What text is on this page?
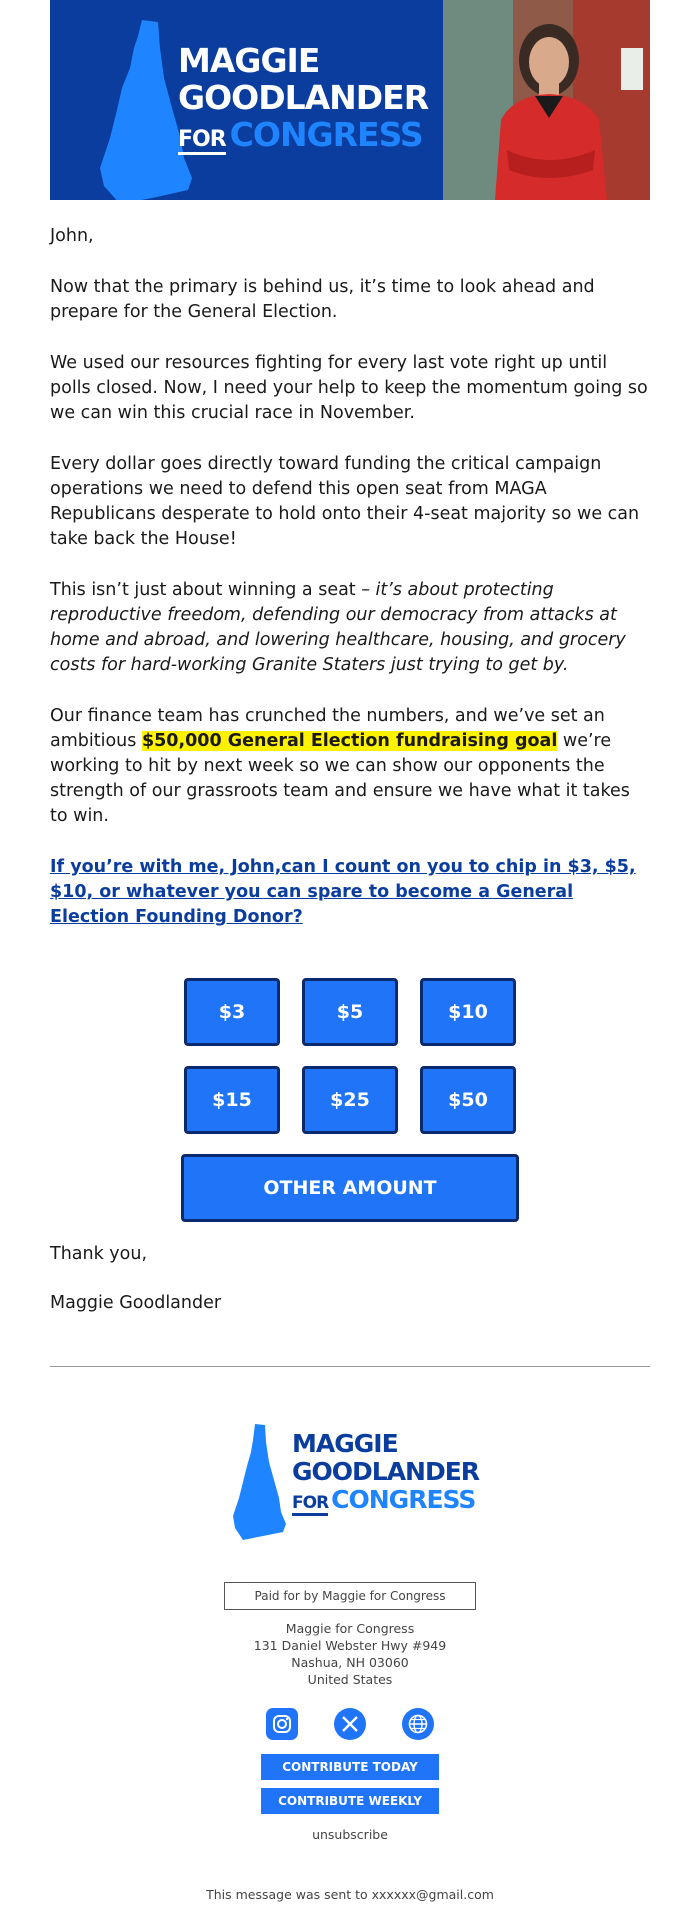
MAGGIE
GOODLANDER
FOR CONGRESS

John,

Now that the primary is behind us, it’s time to look ahead and prepare for the General Election.

We used our resources fighting for every last vote right up until polls closed. Now, I need your help to keep the momentum going so we can win this crucial race in November.

Every dollar goes directly toward funding the critical campaign operations we need to defend this open seat from MAGA Republicans desperate to hold onto their 4-seat majority so we can take back the House!

This isn’t just about winning a seat – it’s about protecting reproductive freedom, defending our democracy from attacks at home and abroad, and lowering healthcare, housing, and grocery costs for hard-working Granite Staters just trying to get by.

Our finance team has crunched the numbers, and we’ve set an ambitious $50,000 General Election fundraising goal we’re working to hit by next week so we can show our opponents the strength of our grassroots team and ensure we have what it takes to win.

If you’re with me, John,can I count on you to chip in $3, $5, $10, or whatever you can spare to become a General Election Founding Donor?
$3	$5	$10
$15	$25	$50
OTHER AMOUNT

Thank you,

Maggie Goodlander

MAGGIE
GOODLANDER
FOR CONGRESS
Paid for by Maggie for Congress
Maggie for Congress
131 Daniel Webster Hwy #949
Nashua, NH 03060
United States
CONTRIBUTE TODAY
CONTRIBUTE WEEKLY
unsubscribe
This message was sent to xxxxxx@gmail.com
